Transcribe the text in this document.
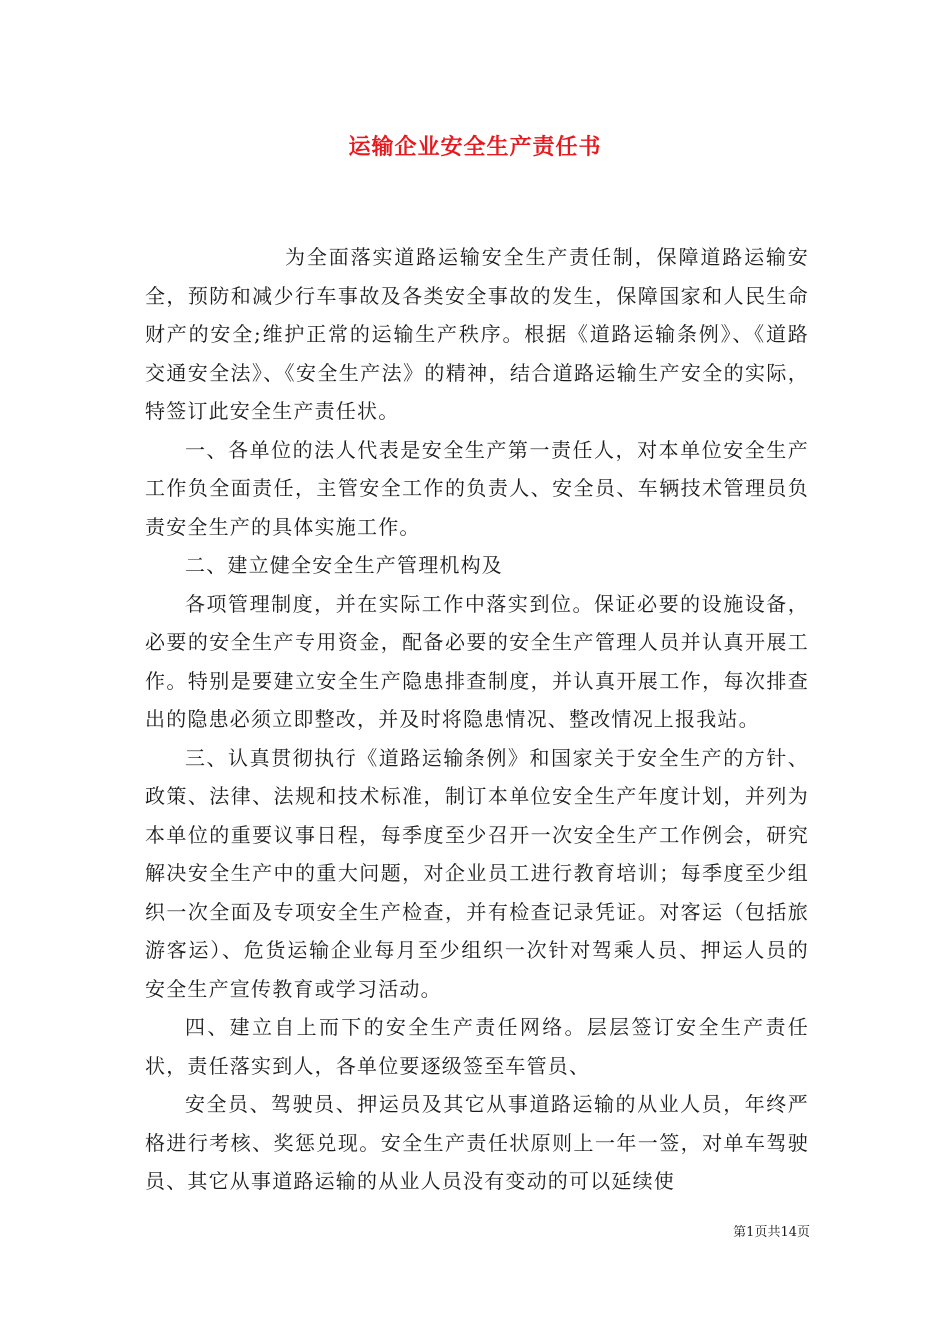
运输企业安全生产责任书

为全面落实道路运输安全生产责任制，保障道路运输安全，预防和减少行车事故及各类安全事故的发生，保障国家和人民生命财产的安全;维护正常的运输生产秩序。根据《道路运输条例》、《道路交通安全法》、《安全生产法》的精神，结合道路运输生产安全的实际，特签订此安全生产责任状。

一、各单位的法人代表是安全生产第一责任人，对本单位安全生产工作负全面责任，主管安全工作的负责人、安全员、车辆技术管理员负责安全生产的具体实施工作。

二、建立健全安全生产管理机构及

各项管理制度，并在实际工作中落实到位。保证必要的设施设备，必要的安全生产专用资金，配备必要的安全生产管理人员并认真开展工作。特别是要建立安全生产隐患排查制度，并认真开展工作，每次排查出的隐患必须立即整改，并及时将隐患情况、整改情况上报我站。

三、认真贯彻执行《道路运输条例》和国家关于安全生产的方针、政策、法律、法规和技术标准，制订本单位安全生产年度计划，并列为本单位的重要议事日程，每季度至少召开一次安全生产工作例会，研究解决安全生产中的重大问题，对企业员工进行教育培训；每季度至少组织一次全面及专项安全生产检查，并有检查记录凭证。对客运（包括旅游客运）、危货运输企业每月至少组织一次针对驾乘人员、押运人员的安全生产宣传教育或学习活动。

四、建立自上而下的安全生产责任网络。层层签订安全生产责任状，责任落实到人，各单位要逐级签至车管员、

安全员、驾驶员、押运员及其它从事道路运输的从业人员，年终严格进行考核、奖惩兑现。安全生产责任状原则上一年一签，对单车驾驶员、其它从事道路运输的从业人员没有变动的可以延续使

第1页共14页
